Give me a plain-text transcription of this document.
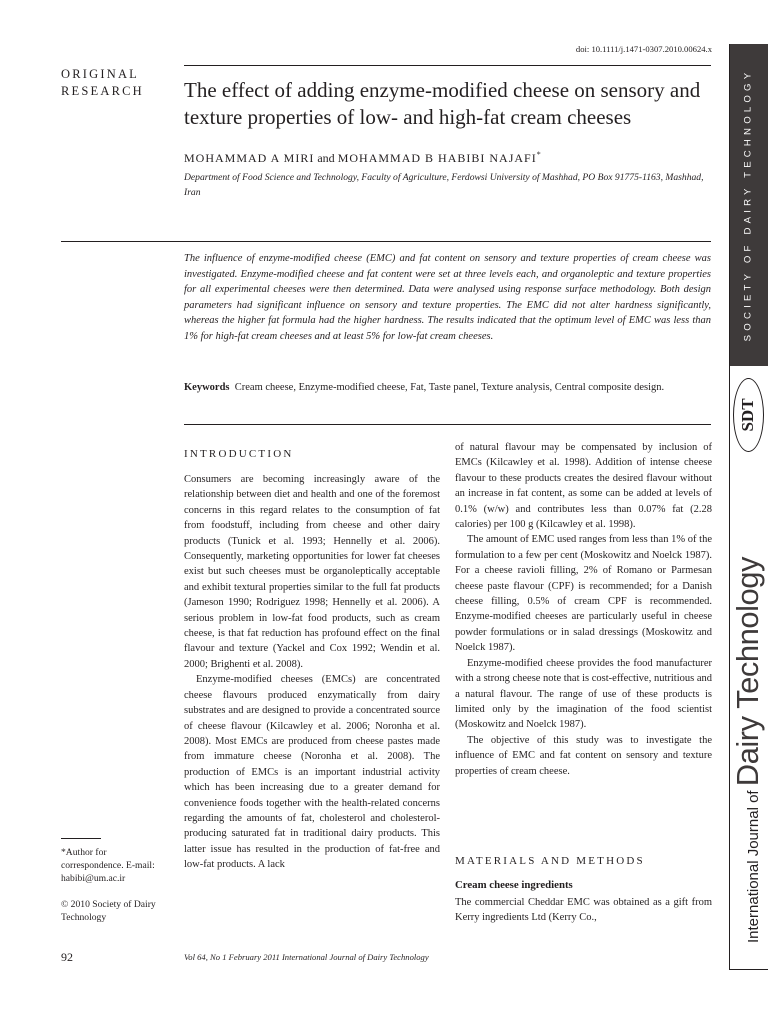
doi: 10.1111/j.1471-0307.2010.00624.x
ORIGINAL
RESEARCH The effect of adding enzyme-modified cheese on sensory and texture properties of low- and high-fat cream cheeses
MOHAMMAD A MIRI and MOHAMMAD B HABIBI NAJAFI*
Department of Food Science and Technology, Faculty of Agriculture, Ferdowsi University of Mashhad, PO Box 91775-1163, Mashhad, Iran
The influence of enzyme-modified cheese (EMC) and fat content on sensory and texture properties of cream cheese was investigated. Enzyme-modified cheese and fat content were set at three levels each, and organoleptic and texture properties for all experimental cheeses were then determined. Data were analysed using response surface methodology. Both design parameters had significant influence on sensory and texture properties. The EMC did not alter hardness significantly, whereas the higher fat formula had the higher hardness. The results indicated that the optimum level of EMC was less than 1% for high-fat cream cheeses and at least 5% for low-fat cream cheeses.
Keywords Cream cheese, Enzyme-modified cheese, Fat, Taste panel, Texture analysis, Central composite design.
INTRODUCTION

Consumers are becoming increasingly aware of the relationship between diet and health and one of the foremost concerns in this regard relates to the consumption of fat from foodstuff, including from cheese and other dairy products (Tunick et al. 1993; Hennelly et al. 2006). Consequently, marketing opportunities for lower fat cheeses exist but such cheeses must be organoleptically acceptable and exhibit textural properties similar to the full fat products (Jameson 1990; Rodriguez 1998; Hennelly et al. 2006). A serious problem in low-fat food products, such as cream cheese, is that fat reduction has profound effect on the final flavour and texture (Yackel and Cox 1992; Wendin et al. 2000; Brighenti et al. 2008).

Enzyme-modified cheeses (EMCs) are concentrated cheese flavours produced enzymatically from dairy substrates and are designed to provide a concentrated source of cheese flavour (Kilcawley et al. 2006; Noronha et al. 2008). Most EMCs are produced from cheese pastes made from immature cheese (Noronha et al. 2008). The production of EMCs is an important industrial activity which has been increasing due to a greater demand for convenience foods together with the health-related concerns regarding the amounts of fat, cholesterol and cholesterol-producing saturated fat in traditional dairy products. This latter issue has resulted in the production of fat-free and low-fat products. A lack

of natural flavour may be compensated by inclusion of EMCs (Kilcawley et al. 1998). Addition of intense cheese flavour to these products creates the desired flavour without an increase in fat content, as some can be added at levels of 0.1% (w/w) and contributes less than 0.07% fat (2.28 calories) per 100 g (Kilcawley et al. 1998).

The amount of EMC used ranges from less than 1% of the formulation to a few per cent (Moskowitz and Noelck 1987). For a cheese ravioli filling, 2% of Romano or Parmesan cheese paste flavour (CPF) is recommended; for a Danish cheese filling, 0.5% of cream CPF is recommended. Enzyme-modified cheeses are particularly useful in cheese powder formulations or in salad dressings (Moskowitz and Noelck 1987).

Enzyme-modified cheese provides the food manufacturer with a strong cheese note that is cost-effective, nutritious and a natural flavour. The range of use of these products is limited only by the imagination of the food scientist (Moskowitz and Noelck 1987).

The objective of this study was to investigate the influence of EMC and fat content on sensory and texture properties of cream cheese.

MATERIALS AND METHODS
Cream cheese ingredients

The commercial Cheddar EMC was obtained as a gift from Kerry ingredients Ltd (Kerry Co.,

*Author for correspondence. E-mail: habibi@um.ac.ir
© 2010 Society of Dairy Technology
92	Vol 64, No 1 February 2011 International Journal of Dairy Technology
SOCIETY OF DAIRY TECHNOLOGY
SDT
International Journal of Dairy Technology
